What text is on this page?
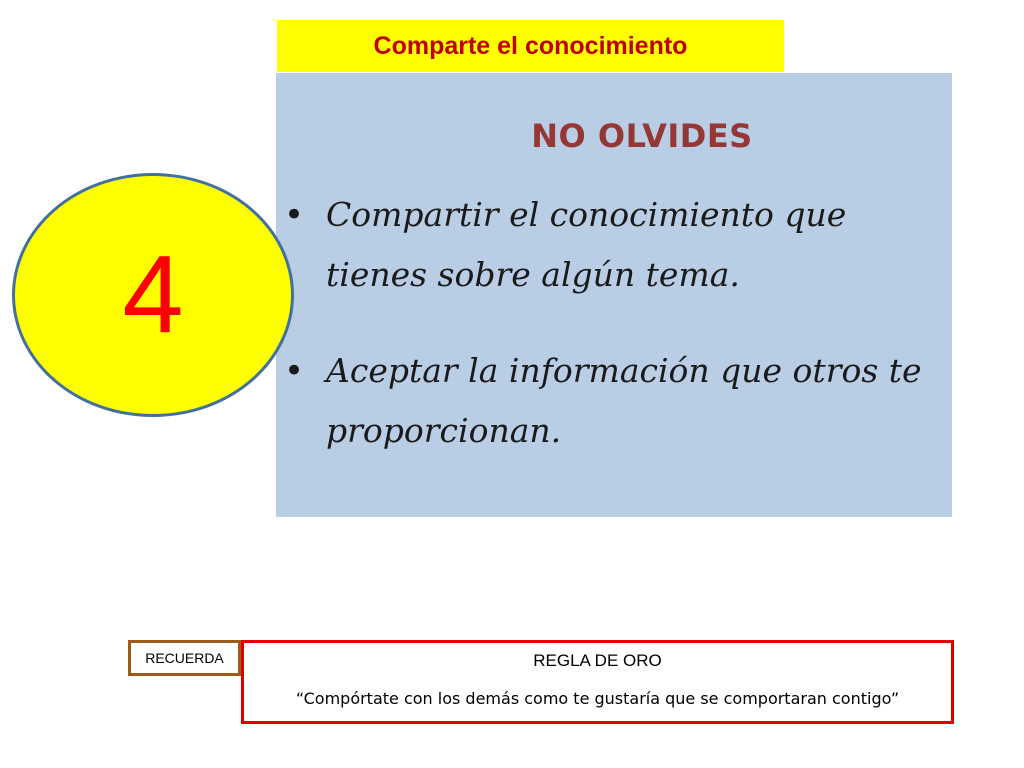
Comparte el conocimiento
NO OLVIDES
• Compartir el conocimiento que tienes sobre algún tema.
• Aceptar la información que otros te proporcionan.
4
RECUERDA	REGLA DE ORO
“Compórtate con los demás como te gustaría que se comportaran contigo”
